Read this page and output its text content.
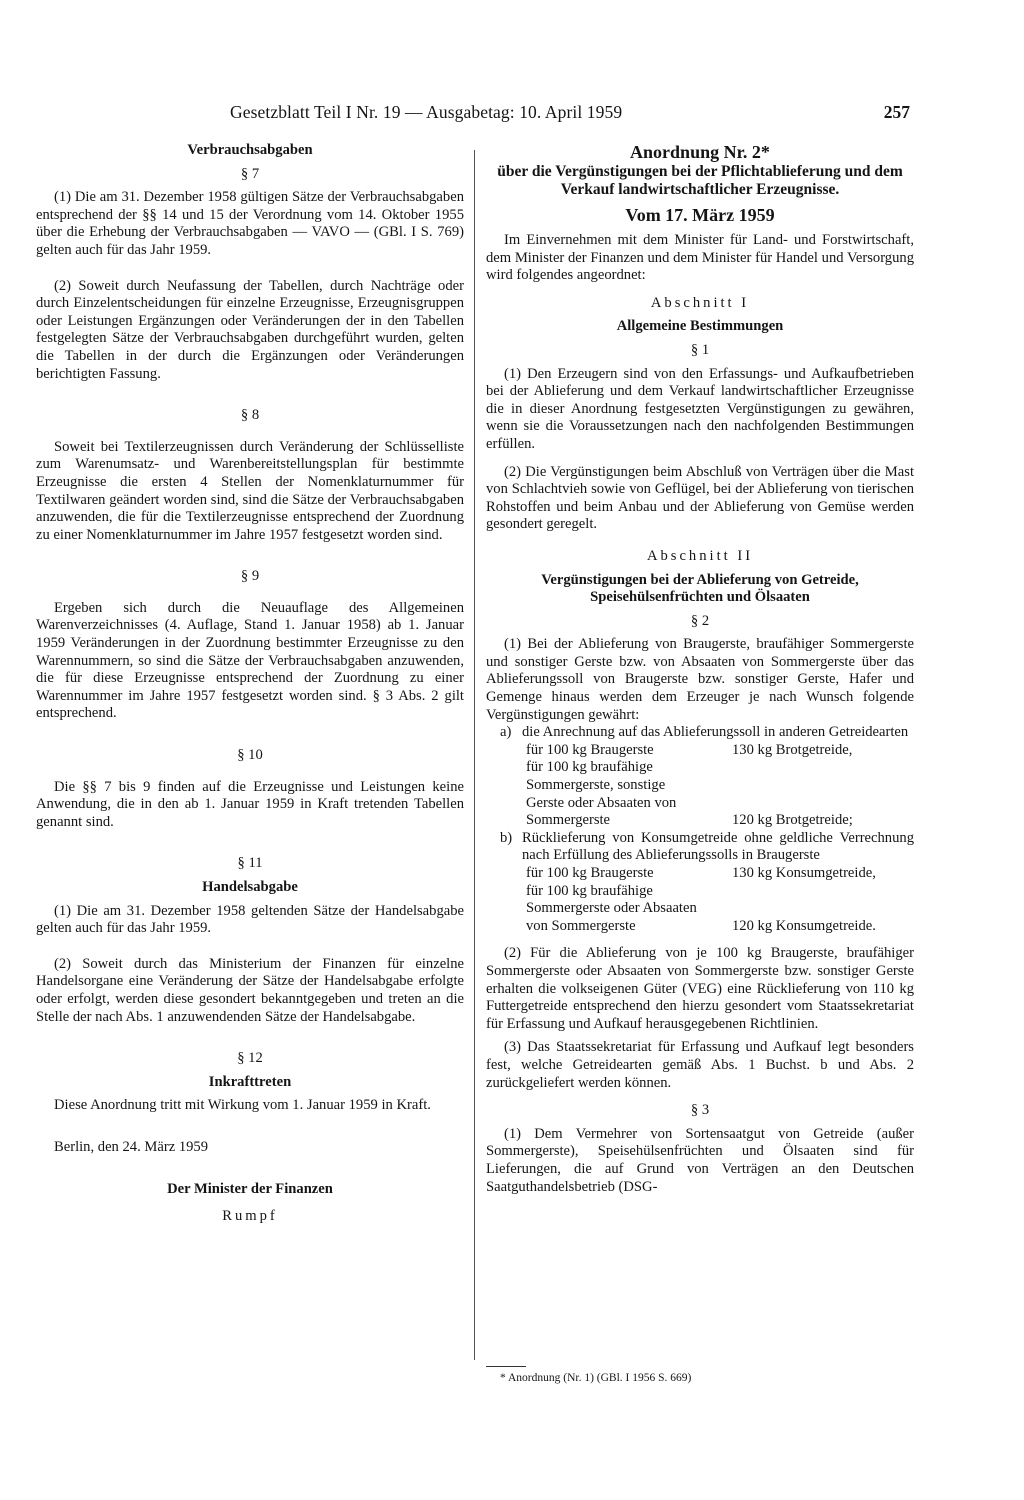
Gesetzblatt Teil I Nr. 19 — Ausgabetag: 10. April 1959	257
Verbrauchsabgaben
§ 7

(1) Die am 31. Dezember 1958 gültigen Sätze der Verbrauchsabgaben entsprechend der §§ 14 und 15 der Verordnung vom 14. Oktober 1955 über die Erhebung der Verbrauchsabgaben — VAVO — (GBl. I S. 769) gelten auch für das Jahr 1959.

(2) Soweit durch Neufassung der Tabellen, durch Nachträge oder durch Einzelentscheidungen für einzelne Erzeugnisse, Erzeugnisgruppen oder Leistungen Ergänzungen oder Veränderungen der in den Tabellen festgelegten Sätze der Verbrauchsabgaben durchgeführt wurden, gelten die Tabellen in der durch die Ergänzungen oder Veränderungen berichtigten Fassung.

§ 8

Soweit bei Textilerzeugnissen durch Veränderung der Schlüsselliste zum Warenumsatz- und Warenbereitstellungsplan für bestimmte Erzeugnisse die ersten 4 Stellen der Nomenklaturnummer für Textilwaren geändert worden sind, sind die Sätze der Verbrauchsabgaben anzuwenden, die für die Textilerzeugnisse entsprechend der Zuordnung zu einer Nomenklaturnummer im Jahre 1957 festgesetzt worden sind.

§ 9

Ergeben sich durch die Neuauflage des Allgemeinen Warenverzeichnisses (4. Auflage, Stand 1. Januar 1958) ab 1. Januar 1959 Veränderungen in der Zuordnung bestimmter Erzeugnisse zu den Warennummern, so sind die Sätze der Verbrauchsabgaben anzuwenden, die für diese Erzeugnisse entsprechend der Zuordnung zu einer Warennummer im Jahre 1957 festgesetzt worden sind. § 3 Abs. 2 gilt entsprechend.

§ 10

Die §§ 7 bis 9 finden auf die Erzeugnisse und Leistungen keine Anwendung, die in den ab 1. Januar 1959 in Kraft tretenden Tabellen genannt sind.

§ 11
Handelsabgabe

(1) Die am 31. Dezember 1958 geltenden Sätze der Handelsabgabe gelten auch für das Jahr 1959.

(2) Soweit durch das Ministerium der Finanzen für einzelne Handelsorgane eine Veränderung der Sätze der Handelsabgabe erfolgte oder erfolgt, werden diese gesondert bekanntgegeben und treten an die Stelle der nach Abs. 1 anzuwendenden Sätze der Handelsabgabe.

§ 12
Inkrafttreten

Diese Anordnung tritt mit Wirkung vom 1. Januar 1959 in Kraft.

Berlin, den 24. März 1959

Der Minister der Finanzen
Rumpf
Anordnung Nr. 2*
über die Vergünstigungen bei der Pflichtablieferung und dem Verkauf landwirtschaftlicher Erzeugnisse.
Vom 17. März 1959

Im Einvernehmen mit dem Minister für Land- und Forstwirtschaft, dem Minister der Finanzen und dem Minister für Handel und Versorgung wird folgendes angeordnet:

Abschnitt I
Allgemeine Bestimmungen
§ 1

(1) Den Erzeugern sind von den Erfassungs- und Aufkaufbetrieben bei der Ablieferung und dem Verkauf landwirtschaftlicher Erzeugnisse die in dieser Anordnung festgesetzten Vergünstigungen zu gewähren, wenn sie die Voraussetzungen nach den nachfolgenden Bestimmungen erfüllen.

(2) Die Vergünstigungen beim Abschluß von Verträgen über die Mast von Schlachtvieh sowie von Geflügel, bei der Ablieferung von tierischen Rohstoffen und beim Anbau und der Ablieferung von Gemüse werden gesondert geregelt.

Abschnitt II
Vergünstigungen bei der Ablieferung von Getreide, Speisehülsenfrüchten und Ölsaaten
§ 2

(1) Bei der Ablieferung von Braugerste, braufähiger Sommergerste und sonstiger Gerste bzw. von Absaaten von Sommergerste über das Ablieferungssoll von Braugerste bzw. sonstiger Gerste, Hafer und Gemenge hinaus werden dem Erzeuger je nach Wunsch folgende Vergünstigungen gewährt:

a) die Anrechnung auf das Ablieferungssoll in anderen Getreidearten
für 100 kg Braugerste	130 kg Brotgetreide,
für 100 kg braufähige Sommergerste, sonstige Gerste oder Absaaten von Sommergerste	120 kg Brotgetreide;
b) Rücklieferung von Konsumgetreide ohne geldliche Verrechnung nach Erfüllung des Ablieferungssolls in Braugerste
für 100 kg Braugerste	130 kg Konsumgetreide,
für 100 kg braufähige Sommergerste oder Absaaten von Sommergerste	120 kg Konsumgetreide.

(2) Für die Ablieferung von je 100 kg Braugerste, braufähiger Sommergerste oder Absaaten von Sommergerste bzw. sonstiger Gerste erhalten die volkseigenen Güter (VEG) eine Rücklieferung von 110 kg Futtergetreide entsprechend den hierzu gesondert vom Staatssekretariat für Erfassung und Aufkauf herausgegebenen Richtlinien.

(3) Das Staatssekretariat für Erfassung und Aufkauf legt besonders fest, welche Getreidearten gemäß Abs. 1 Buchst. b und Abs. 2 zurückgeliefert werden können.

§ 3

(1) Dem Vermehrer von Sortensaatgut von Getreide (außer Sommergerste), Speisehülsenfrüchten und Ölsaaten sind für Lieferungen, die auf Grund von Verträgen an den Deutschen Saatguthandelsbetrieb (DSG-

* Anordnung (Nr. 1) (GBl. I 1956 S. 669)
